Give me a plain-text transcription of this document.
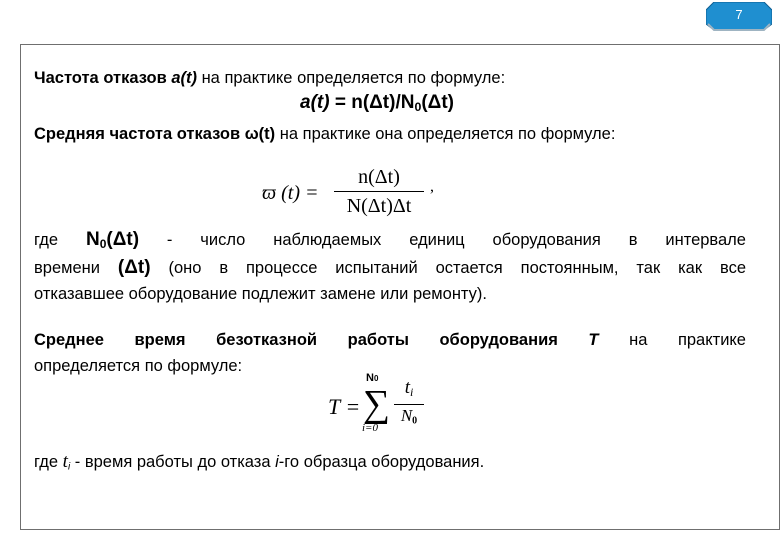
7
Частота отказов a(t) на практике определяется по формуле:
$a(t) = n(\Delta t)/N_0(\Delta t)$
Средняя частота отказов ω(t) на практике она определяется по формуле:
ϖ (t) =
n(Δt)
N(Δt)Δt
,
где $N_0(\Delta t)$ - число наблюдаемых единиц оборудования в интервале
времени (Δt) (оно в процессе испытаний остается постоянным, так как все
отказавшее оборудование подлежит замене или ремонту).
Среднее время безотказной работы оборудования T на практике
определяется по формуле:
T =
N0
∑
i=0
$t_i$
$N_0$
где $t_i$ - время работы до отказа i-го образца оборудования.
